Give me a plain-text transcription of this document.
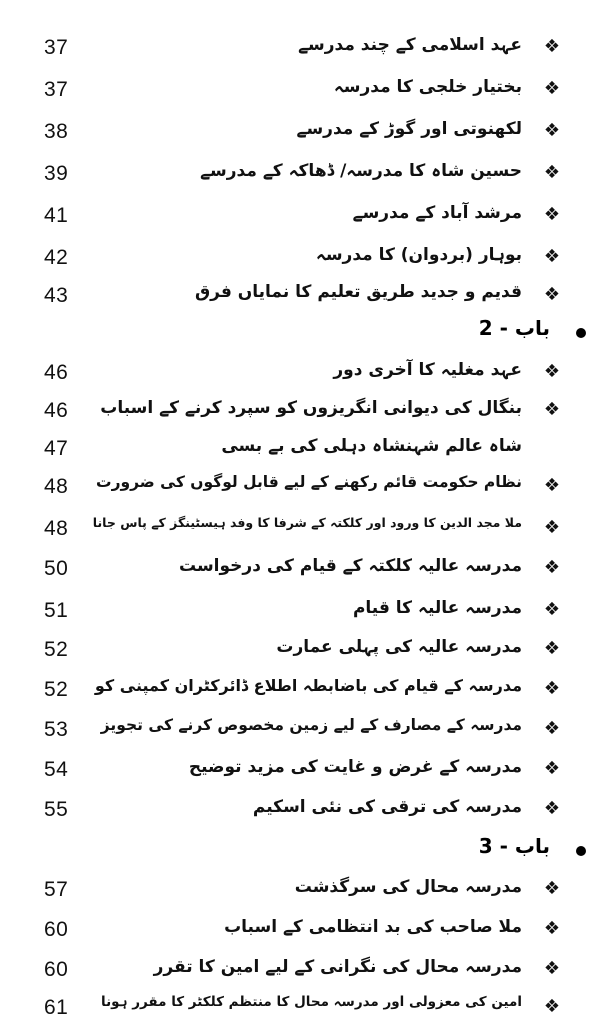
37	عہد اسلامی کے چند مدرسے ❖
37	بختیار خلجی کا مدرسہ ❖
38	لکھنوتی اور گوڑ کے مدرسے ❖
39	حسین شاہ کا مدرسہ/ ڈھاکہ کے مدرسے ❖
41	مرشد آباد کے مدرسے ❖
42	بوہار (بردوان) کا مدرسہ ❖
43	قدیم و جدید طریق تعلیم کا نمایاں فرق ❖
باب - 2
46	عہد مغلیہ کا آخری دور ❖
46 بنگال کی دیوانی انگریزوں کو سپرد کرنے کے اسباب ❖
47	شاہ عالم شہنشاہ دہلی کی بے بسی
48 نظام حکومت قائم رکھنے کے لیے قابل لوگوں کی ضرورت ❖
48 ملا مجد الدین کا ورود اور کلکتہ کے شرفا کا وفد ہیسٹینگز کے پاس جانا ❖
50	مدرسہ عالیہ کلکتہ کے قیام کی درخواست ❖
51	مدرسہ عالیہ کا قیام ❖
52	مدرسہ عالیہ کی پہلی عمارت ❖
52 مدرسہ کے قیام کی باضابطہ اطلاع ڈائرکٹران کمپنی کو ❖
53 مدرسہ کے مصارف کے لیے زمین مخصوص کرنے کی تجویز ❖
54	مدرسہ کے غرض و غایت کی مزید توضیح ❖
55	مدرسہ کی ترقی کی نئی اسکیم ❖
باب - 3
57	مدرسہ محال کی سرگذشت ❖
60	ملا صاحب کی بد انتظامی کے اسباب ❖
60	مدرسہ محال کی نگرانی کے لیے امین کا تقرر ❖
61 امین کی معزولی اور مدرسہ محال کا منتظم کلکٹر کا مقرر ہونا ❖
